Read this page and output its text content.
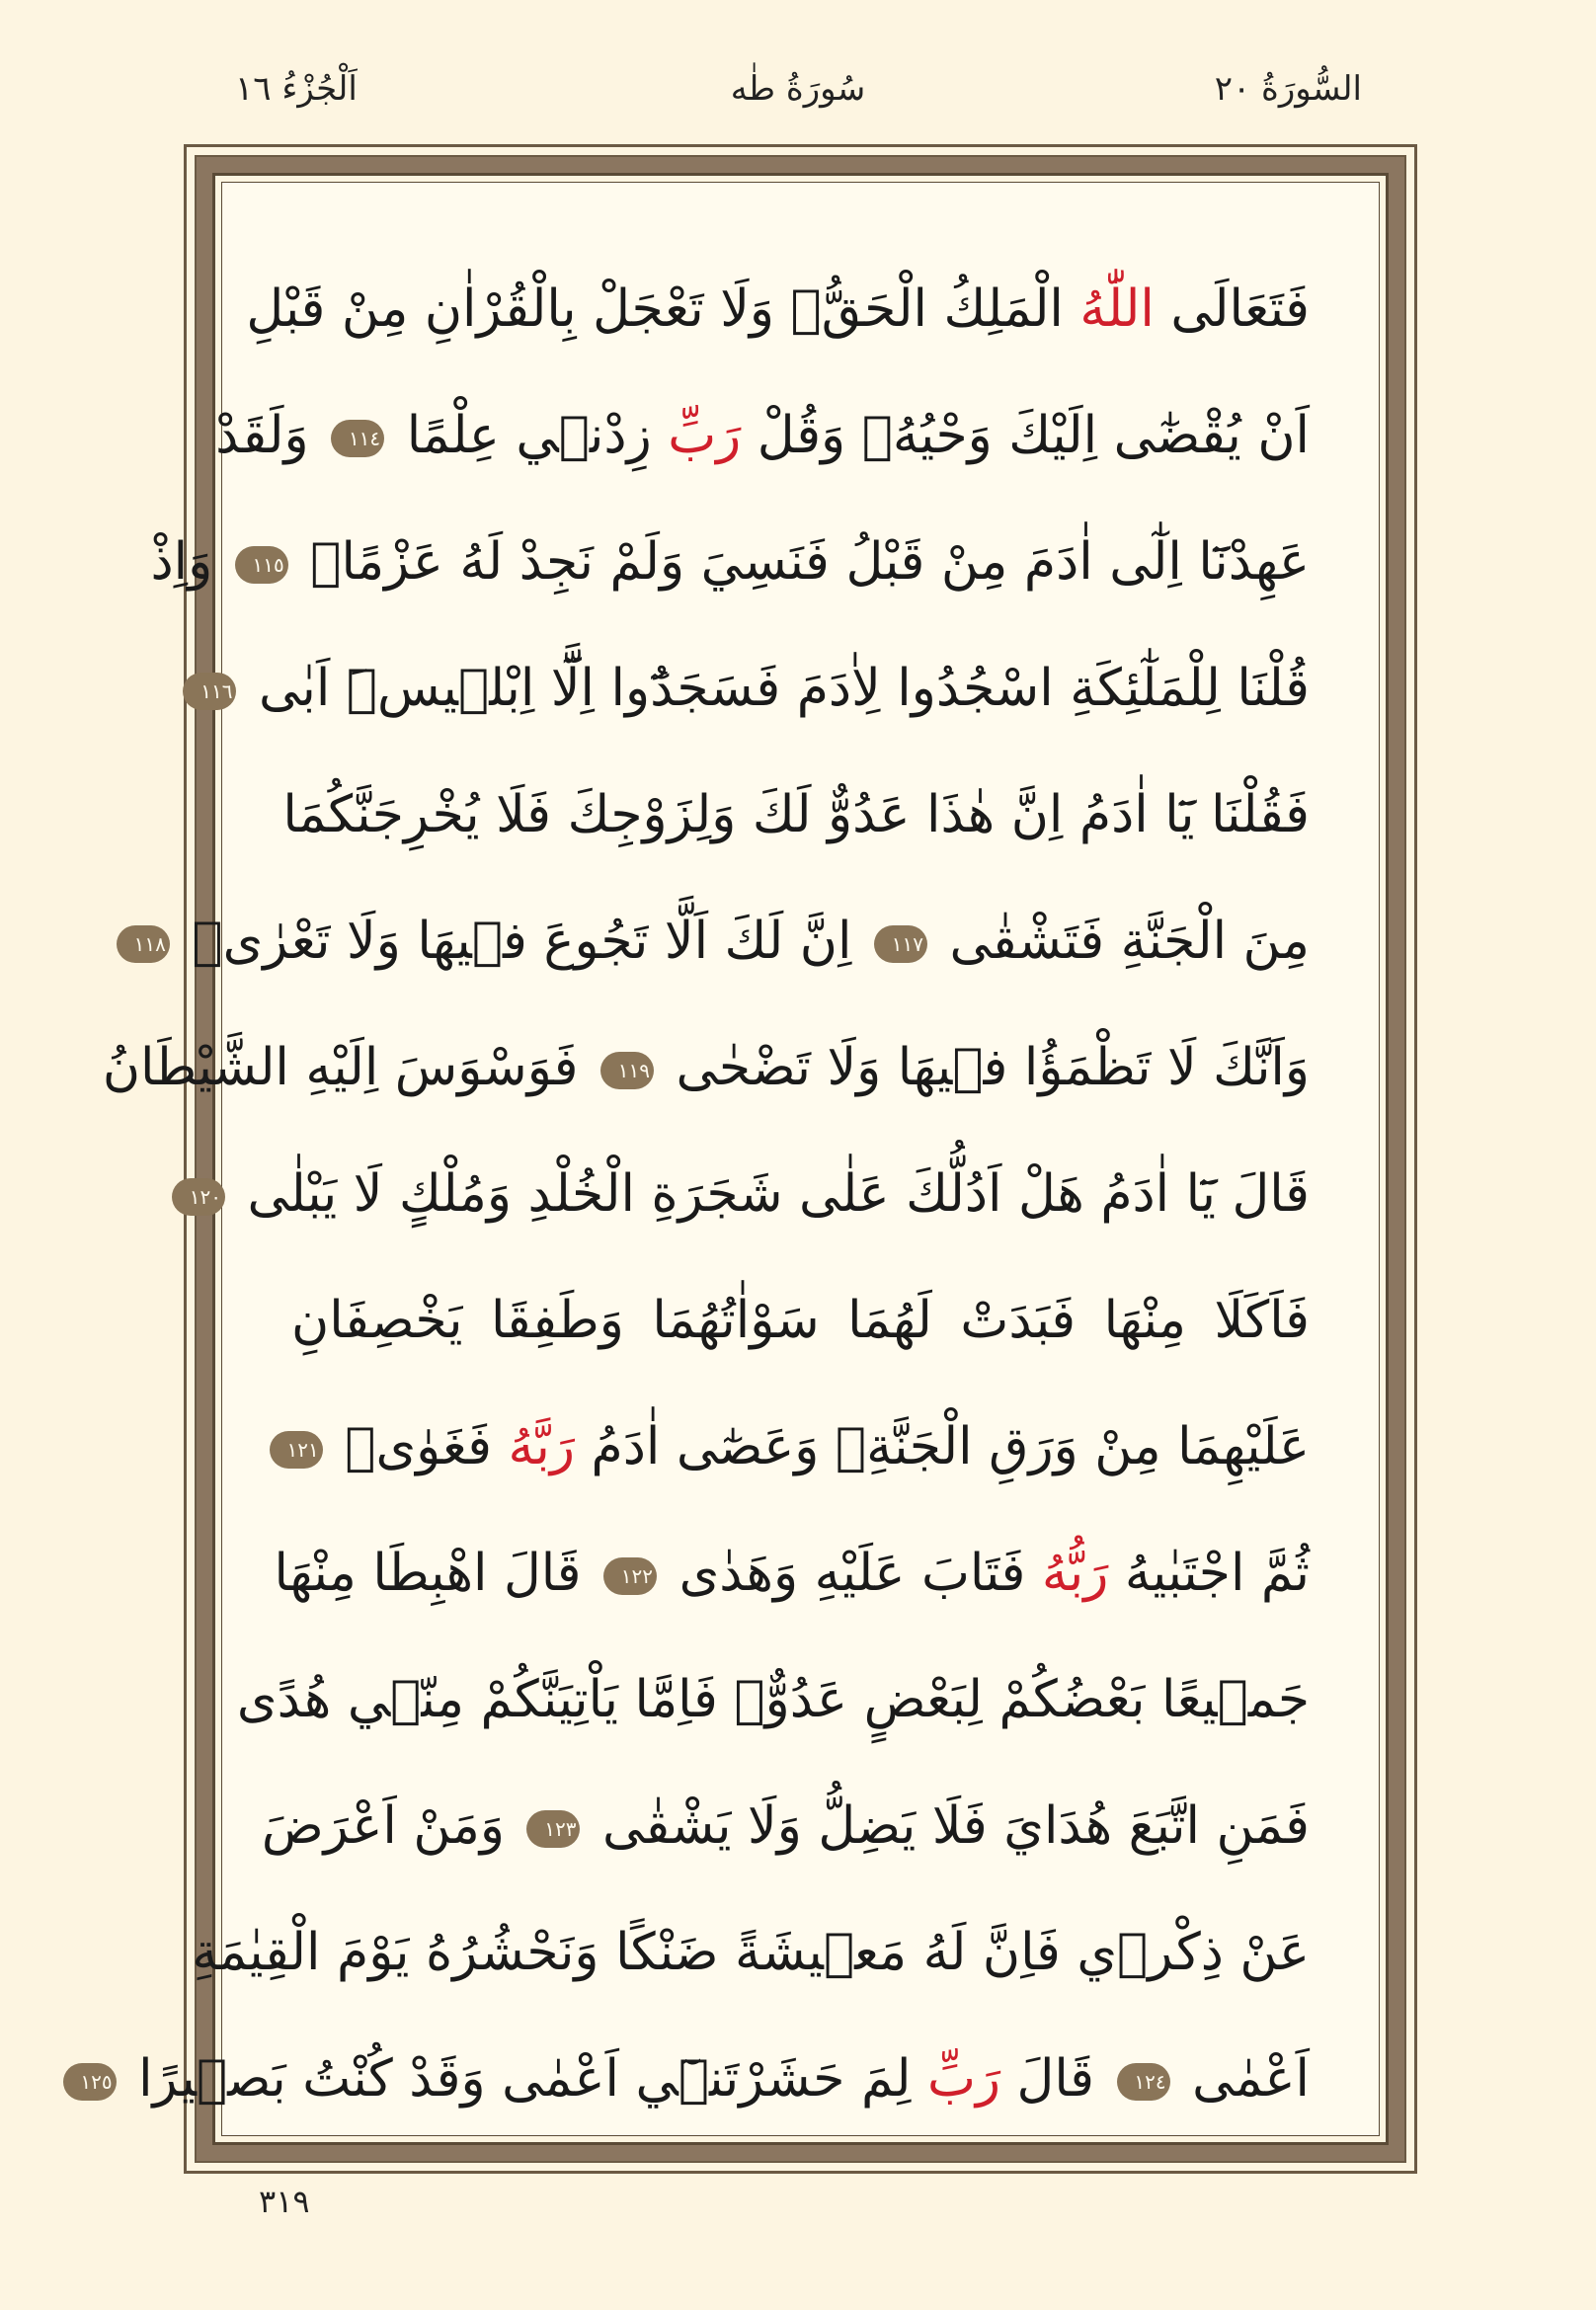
السُّورَةُ ٢٠
سُورَةُ طٰه
اَلْجُزْءُ ١٦
فَتَعَالَى اللّٰهُ الْمَلِكُ الْحَقُّۚ وَلَا تَعْجَلْ بِالْقُرْاٰنِ مِنْ قَبْلِ
اَنْ يُقْضٰٓى اِلَيْكَ وَحْيُهُۘ وَقُلْ رَبِّ زِدْن۪ي عِلْمًا ١١٤ وَلَقَدْ
عَهِدْنَٓا اِلٰٓى اٰدَمَ مِنْ قَبْلُ فَنَسِيَ وَلَمْ نَجِدْ لَهُ عَزْمًاࣖ ١١٥ وَاِذْ
قُلْنَا لِلْمَلٰٓئِكَةِ اسْجُدُوا لِاٰدَمَ فَسَجَدُٓوا اِلَّٓا اِبْل۪يسَۜ اَبٰى ١١٦
فَقُلْنَا يَٓا اٰدَمُ اِنَّ هٰذَا عَدُوٌّ لَكَ وَلِزَوْجِكَ فَلَا يُخْرِجَنَّكُمَا
مِنَ الْجَنَّةِ فَتَشْقٰى ١١٧ اِنَّ لَكَ اَلَّا تَجُوعَ ف۪يهَا وَلَا تَعْرٰىۙ ١١٨
وَاَنَّكَ لَا تَظْمَؤُا ف۪يهَا وَلَا تَضْحٰى ١١٩ فَوَسْوَسَ اِلَيْهِ الشَّيْطَانُ
قَالَ يَٓا اٰدَمُ هَلْ اَدُلُّكَ عَلٰى شَجَرَةِ الْخُلْدِ وَمُلْكٍ لَا يَبْلٰى ١٢٠
فَاَكَلَا مِنْهَا فَبَدَتْ لَهُمَا سَوْاٰتُهُمَا وَطَفِقَا يَخْصِفَانِ
عَلَيْهِمَا مِنْ وَرَقِ الْجَنَّةِۘ وَعَصٰٓى اٰدَمُ رَبَّهُ فَغَوٰىۖ ١٢١
ثُمَّ اجْتَبٰيهُ رَبُّهُ فَتَابَ عَلَيْهِ وَهَدٰى ١٢٢ قَالَ اهْبِطَا مِنْهَا
جَم۪يعًا بَعْضُكُمْ لِبَعْضٍ عَدُوٌّۚ فَاِمَّا يَاْتِيَنَّكُمْ مِنّ۪ي هُدًى
فَمَنِ اتَّبَعَ هُدَايَ فَلَا يَضِلُّ وَلَا يَشْقٰى ١٢٣ وَمَنْ اَعْرَضَ
عَنْ ذِكْر۪ي فَاِنَّ لَهُ مَع۪يشَةً ضَنْكًا وَنَحْشُرُهُ يَوْمَ الْقِيٰمَةِ
اَعْمٰى ١٢٤ قَالَ رَبِّ لِمَ حَشَرْتَن۪ٓي اَعْمٰى وَقَدْ كُنْتُ بَص۪يرًا ١٢٥
٣١٩
